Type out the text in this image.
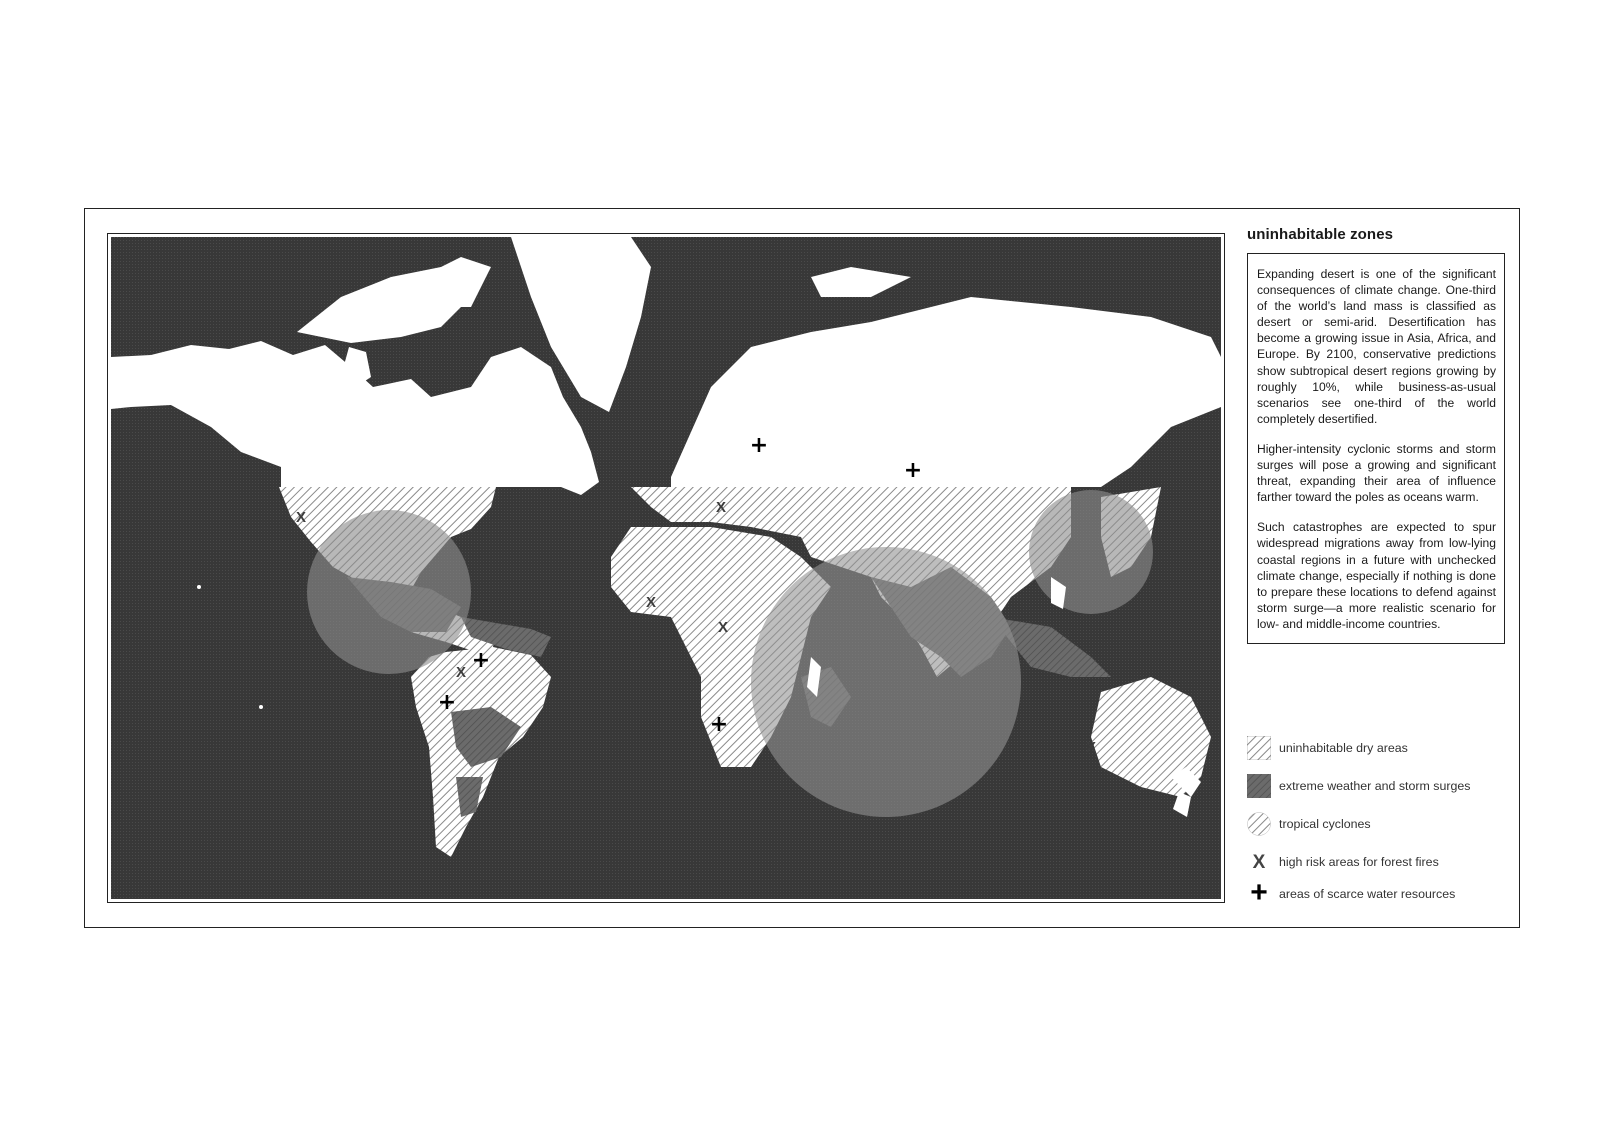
X
X
X
X
X
X
+
+
+
+
+
uninhabitable zones

Expanding desert is one of the significant consequences of climate change. One-third of the world’s land mass is classified as desert or semi-arid. Desertification has become a growing issue in Asia, Africa, and Europe. By 2100, conservative predictions show subtropical desert regions growing by roughly 10%, while business-as-usual scenarios see one-third of the world completely desertified.

Higher-intensity cyclonic storms and storm surges will pose a growing and significant threat, expanding their area of influence farther toward the poles as oceans warm.

Such catastrophes are expected to spur widespread migrations away from low-lying coastal regions in a future with unchecked climate change, especially if nothing is done to prepare these locations to defend against storm surge—a more realistic scenario for low- and middle-income countries.

uninhabitable dry areas
extreme weather and storm surges
tropical cyclones
X high risk areas for forest fires
+ areas of scarce water resources
